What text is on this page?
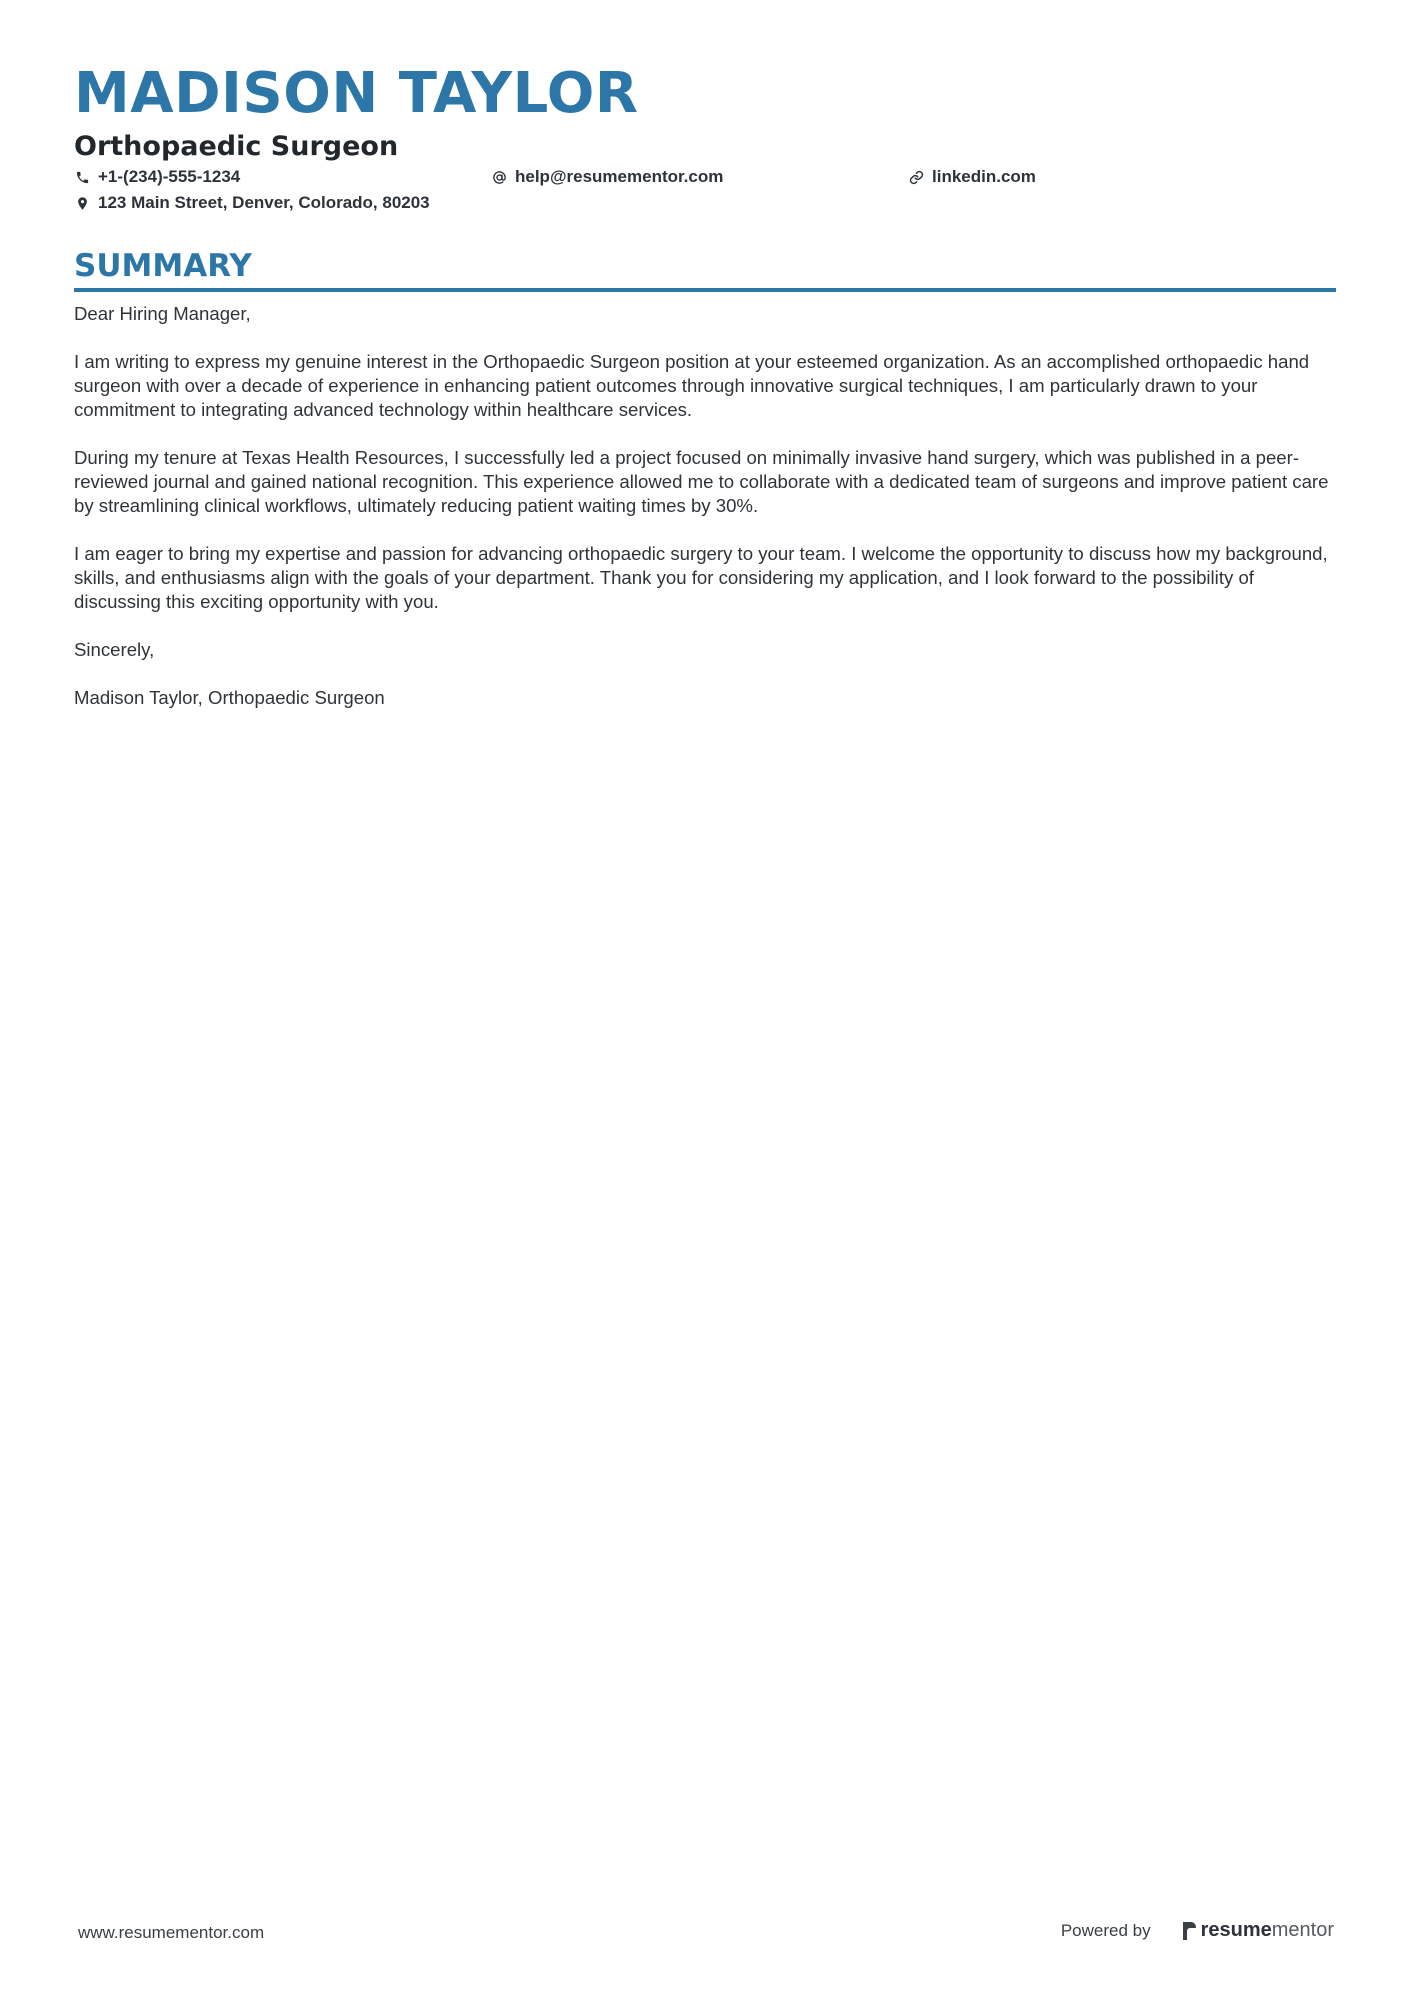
MADISON TAYLOR
Orthopaedic Surgeon
+1-(234)-555-1234	help@resumementor.com	linkedin.com
123 Main Street, Denver, Colorado, 80203
SUMMARY

Dear Hiring Manager,

I am writing to express my genuine interest in the Orthopaedic Surgeon position at your esteemed organization. As an accomplished orthopaedic hand surgeon with over a decade of experience in enhancing patient outcomes through innovative surgical techniques, I am particularly drawn to your commitment to integrating advanced technology within healthcare services.

During my tenure at Texas Health Resources, I successfully led a project focused on minimally invasive hand surgery, which was published in a peer-reviewed journal and gained national recognition. This experience allowed me to collaborate with a dedicated team of surgeons and improve patient care by streamlining clinical workflows, ultimately reducing patient waiting times by 30%.

I am eager to bring my expertise and passion for advancing orthopaedic surgery to your team. I welcome the opportunity to discuss how my background, skills, and enthusiasms align with the goals of your department. Thank you for considering my application, and I look forward to the possibility of discussing this exciting opportunity with you.

Sincerely,

Madison Taylor, Orthopaedic Surgeon

www.resumementor.com	Powered by	resume mentor
